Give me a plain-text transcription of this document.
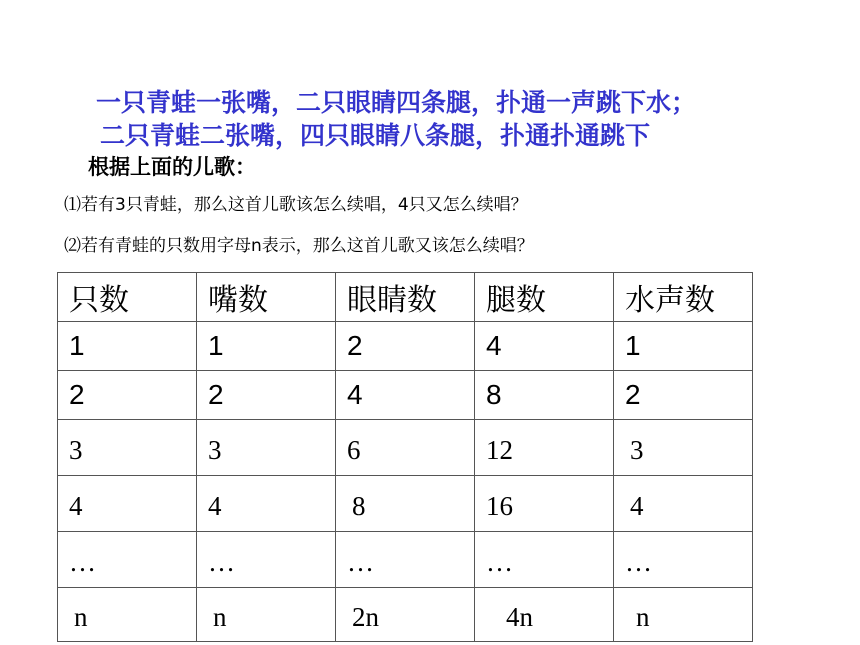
一只青蛙一张嘴，二只眼睛四条腿，扑通一声跳下水；
二只青蛙二张嘴，四只眼睛八条腿，扑通扑通跳下
根据上面的儿歌：
⑴若有3只青蛙，那么这首儿歌该怎么续唱，4只又怎么续唱？
⑵若有青蛙的只数用字母n表示，那么这首儿歌又该怎么续唱？
只数	嘴数	眼睛数	腿数	水声数
1	1	2	4	1
2	2	4	8	2
3	3	6	12	3
4	4	8	16	4
…	…	…	…	…
n	n	2n	4n	n
